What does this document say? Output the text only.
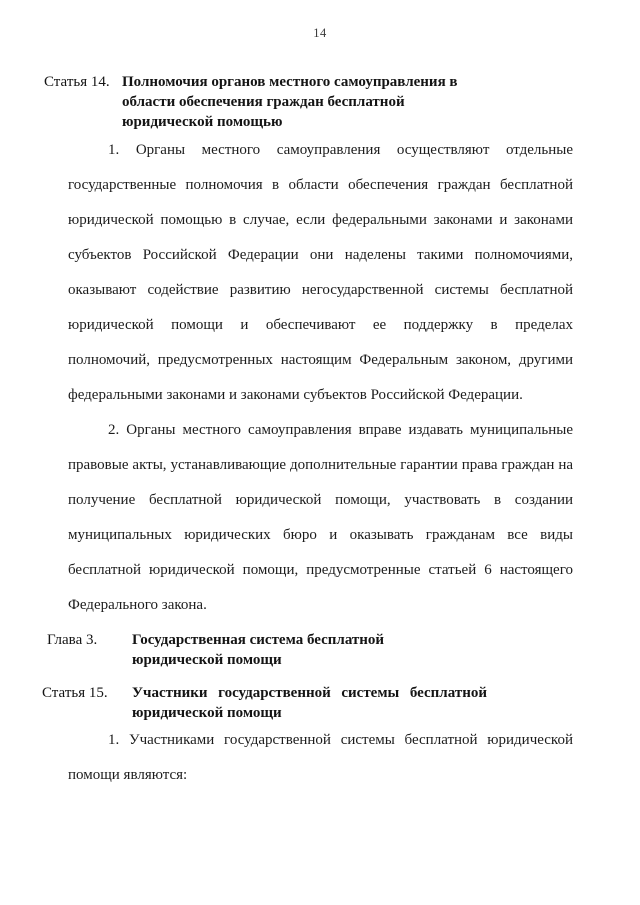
14
Статья 14. Полномочия органов местного самоуправления в
области обеспечения граждан бесплатной
юридической помощью
1. Органы местного самоуправления осуществляют отдельные
государственные полномочия в области обеспечения граждан бесплатной
юридической помощью в случае, если федеральными законами и законами
субъектов Российской Федерации они наделены такими полномочиями,
оказывают содействие развитию негосударственной системы бесплатной
юридической помощи и обеспечивают ее поддержку в пределах
полномочий, предусмотренных настоящим Федеральным законом, другими
федеральными законами и законами субъектов Российской Федерации.
2. Органы местного самоуправления вправе издавать муниципальные
правовые акты, устанавливающие дополнительные гарантии права граждан на
получение бесплатной юридической помощи, участвовать в создании
муниципальных юридических бюро и оказывать гражданам все виды
бесплатной юридической помощи, предусмотренные статьей 6 настоящего
Федерального закона.
Глава 3.	Государственная система бесплатной
юридической помощи
Статья 15.	Участники государственной системы бесплатной
юридической помощи
1. Участниками государственной системы бесплатной юридической
помощи являются:
